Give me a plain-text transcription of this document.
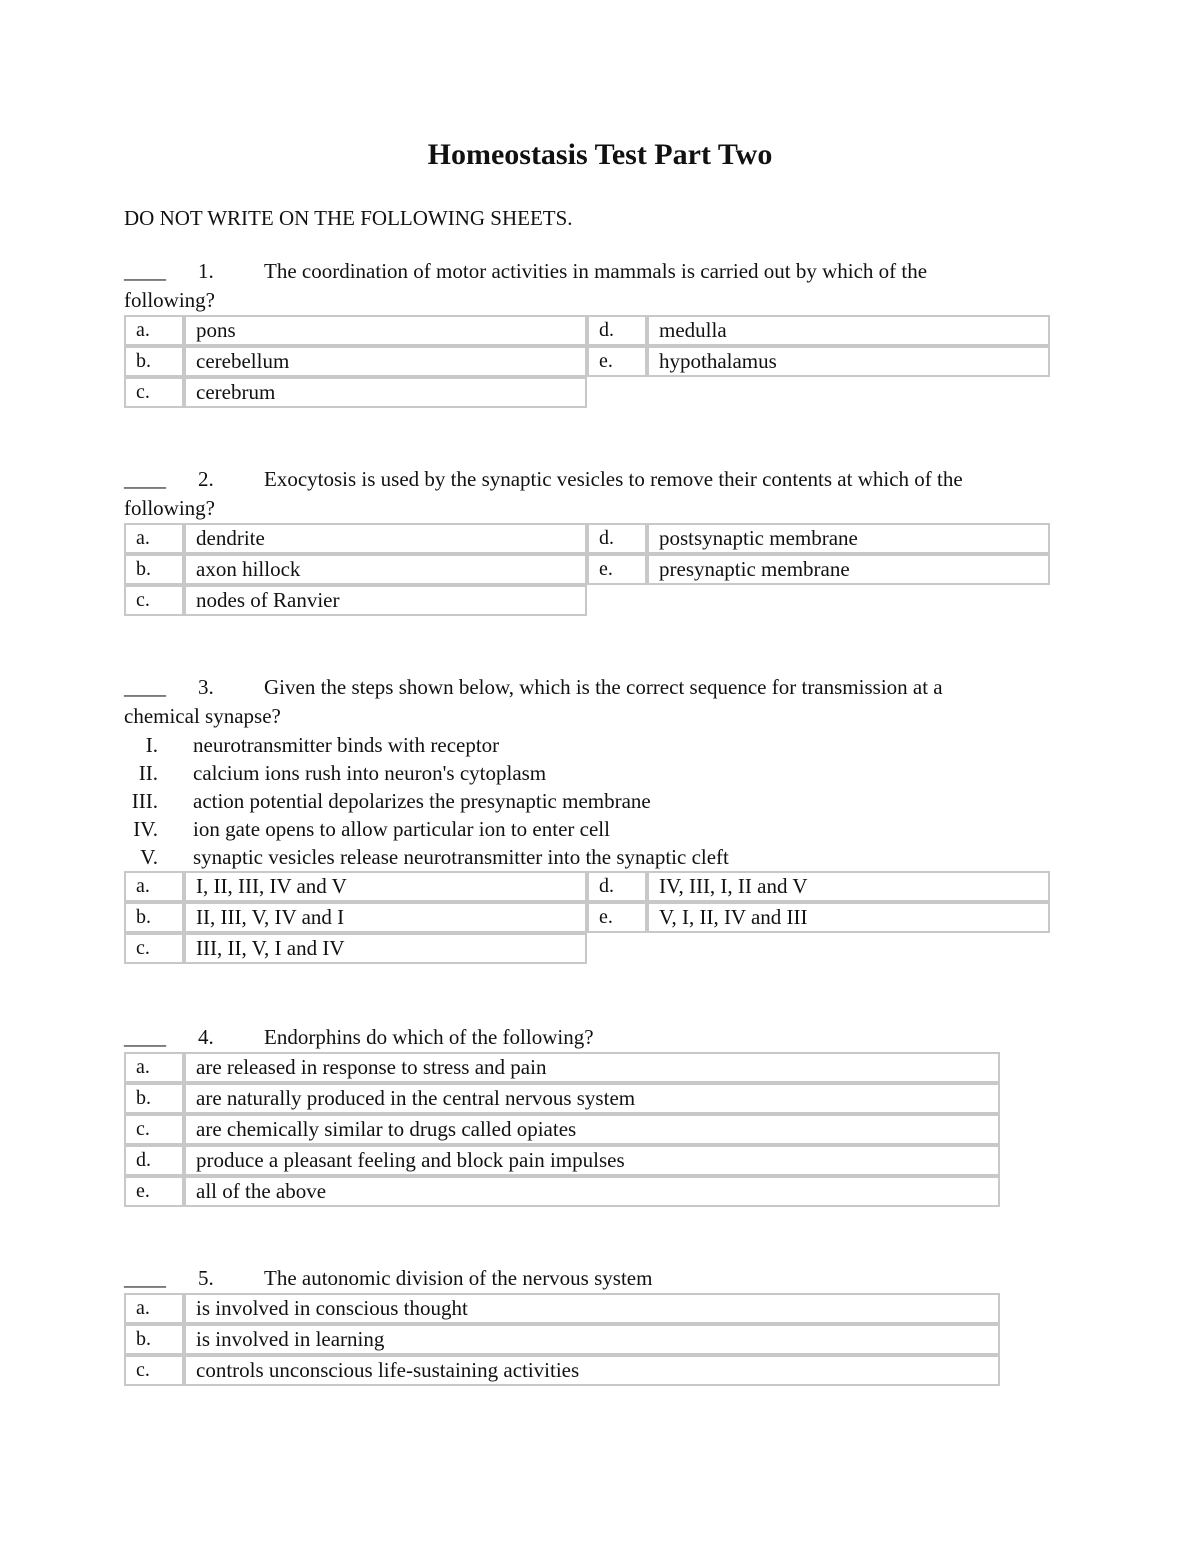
Homeostasis Test Part Two

DO NOT WRITE ON THE FOLLOWING SHEETS.

____ 1.	The coordination of motor activities in mammals is carried out by which of the
following?

a.	pons	d.	medulla
b.	cerebellum	e.	hypothalamus
c.	cerebrum		

____ 2.	Exocytosis is used by the synaptic vesicles to remove their contents at which of the
following?

a.	dendrite	d.	postsynaptic membrane
b.	axon hillock	e.	presynaptic membrane
c.	nodes of Ranvier		

____ 3.	Given the steps shown below, which is the correct sequence for transmission at a
chemical synapse?

I. neurotransmitter binds with receptor
II. calcium ions rush into neuron's cytoplasm
III. action potential depolarizes the presynaptic membrane
IV. ion gate opens to allow particular ion to enter cell
V. synaptic vesicles release neurotransmitter into the synaptic cleft
a.	I, II, III, IV and V	d.	IV, III, I, II and V
b.	II, III, V, IV and I	e.	V, I, II, IV and III
c.	III, II, V, I and IV		

____ 4.	Endorphins do which of the following?

a.	are released in response to stress and pain
b.	are naturally produced in the central nervous system
c.	are chemically similar to drugs called opiates
d.	produce a pleasant feeling and block pain impulses
e.	all of the above

____ 5.	The autonomic division of the nervous system

a.	is involved in conscious thought
b.	is involved in learning
c.	controls unconscious life-sustaining activities
